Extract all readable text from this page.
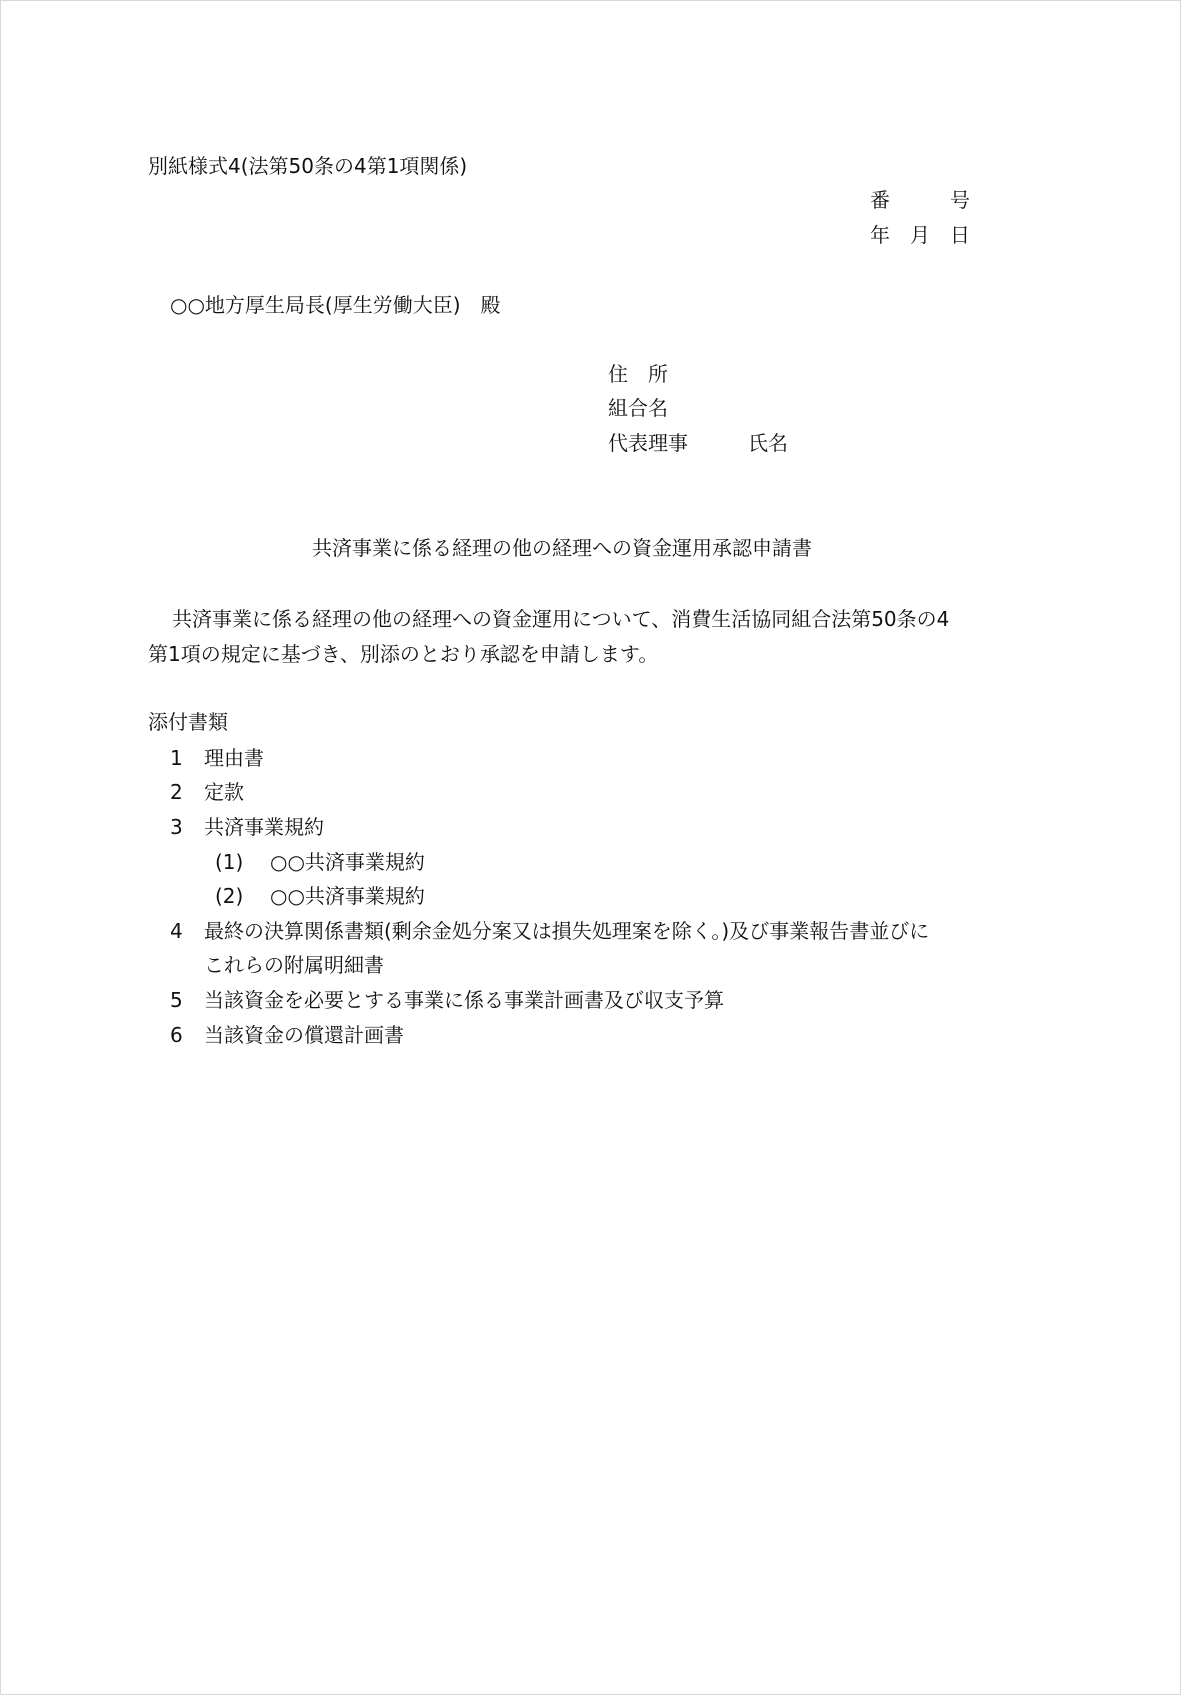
別紙様式4(法第50条の4第1項関係)
番　　　号
年　月　日
○○地方厚生局長(厚生労働大臣)　殿
住　所
組合名
代表理事　　　氏名
共済事業に係る経理の他の経理への資金運用承認申請書
共済事業に係る経理の他の経理への資金運用について、消費生活協同組合法第50条の4
第1項の規定に基づき、別添のとおり承認を申請します。
添付書類
1 理由書
2 定款
3 共済事業規約
(1) ○○共済事業規約
(2) ○○共済事業規約
4 最終の決算関係書類(剰余金処分案又は損失処理案を除く。)及び事業報告書並びに
これらの附属明細書
5 当該資金を必要とする事業に係る事業計画書及び収支予算
6 当該資金の償還計画書
